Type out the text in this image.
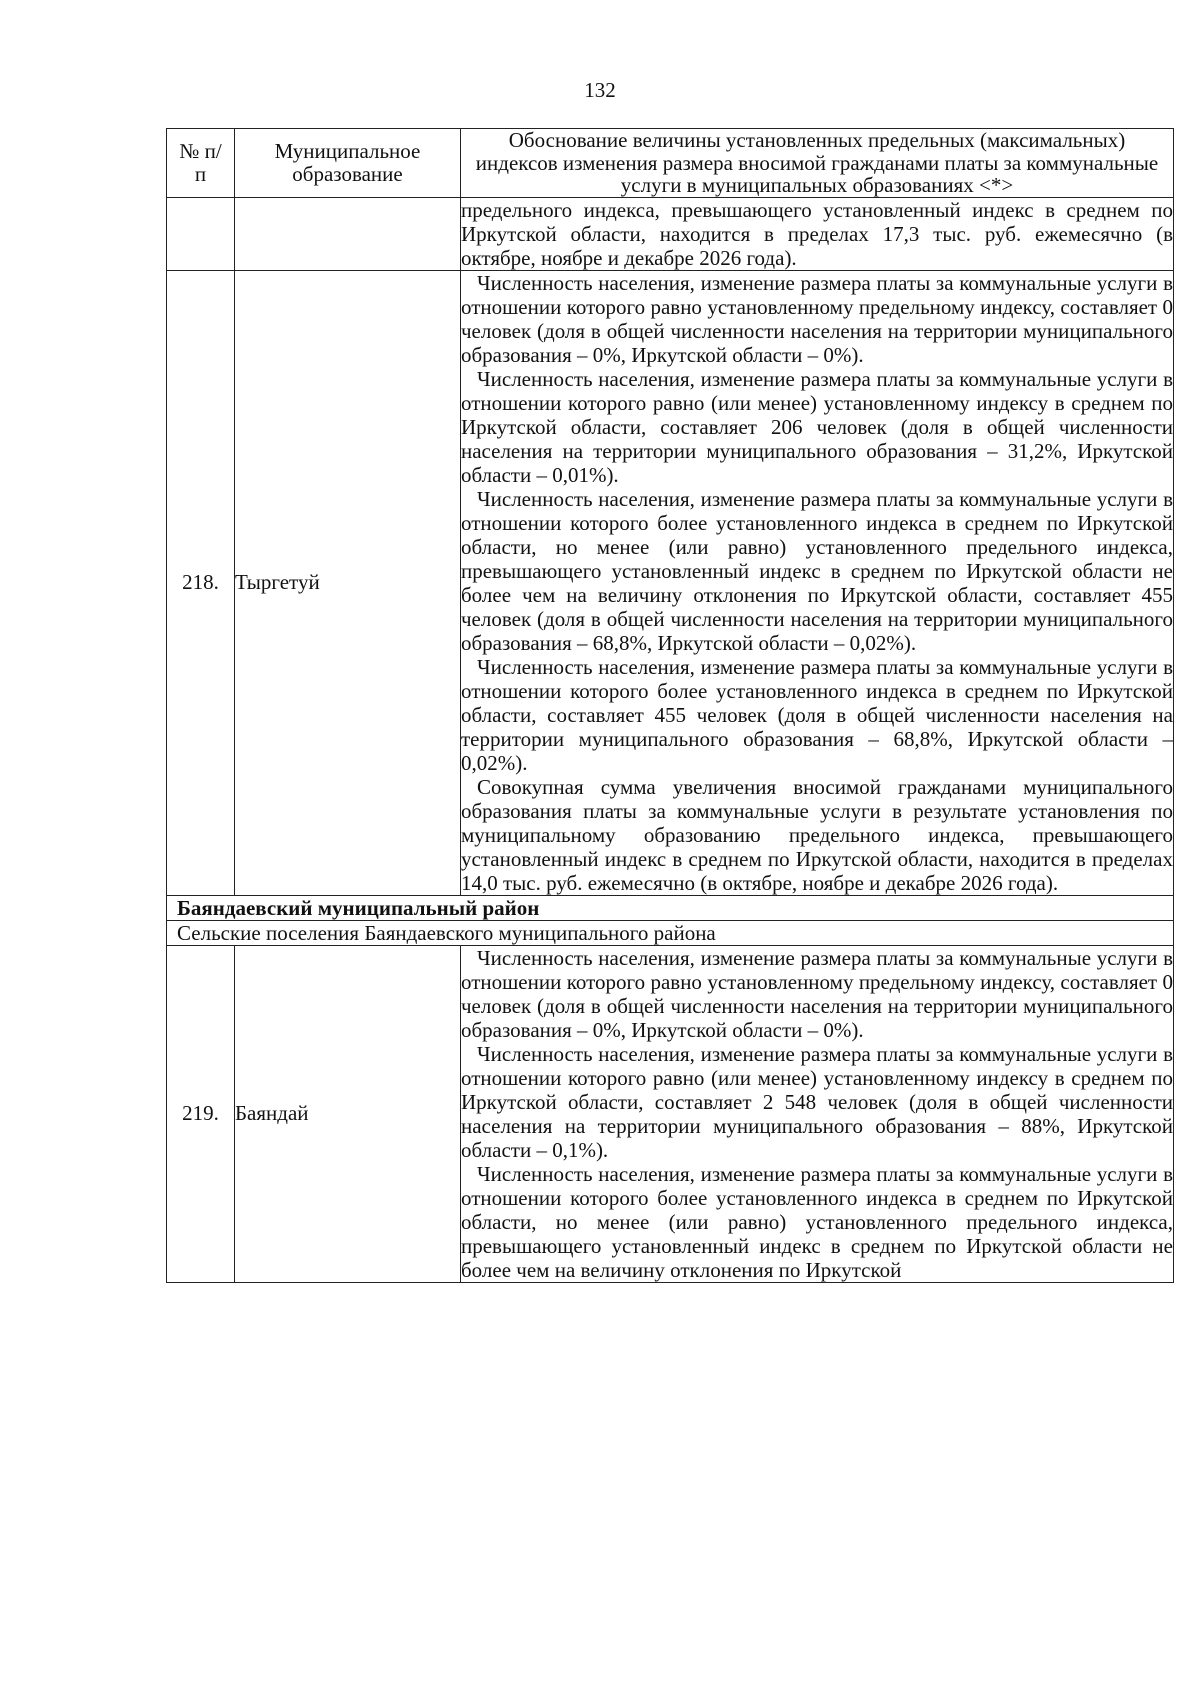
132
№ п/п	Муниципальное образование	Обоснование величины установленных предельных (максимальных) индексов изменения размера вносимой гражданами платы за коммунальные услуги в муниципальных образованиях <*>

		предельного индекса, превышающего установленный индекс в среднем по Иркутской области, находится в пределах 17,3 тыс. руб. ежемесячно (в октябре, ноябре и декабре 2026 года).

218.	Тыргетуй	Численность населения, изменение размера платы за коммунальные услуги в отношении которого равно установленному предельному индексу, составляет 0 человек (доля в общей численности населения на территории муниципального образования – 0%, Иркутской области – 0%).

Численность населения, изменение размера платы за коммунальные услуги в отношении которого равно (или менее) установленному индексу в среднем по Иркутской области, составляет 206 человек (доля в общей численности населения на территории муниципального образования – 31,2%, Иркутской области – 0,01%).

Численность населения, изменение размера платы за коммунальные услуги в отношении которого более установленного индекса в среднем по Иркутской области, но менее (или равно) установленного предельного индекса, превышающего установленный индекс в среднем по Иркутской области не более чем на величину отклонения по Иркутской области, составляет 455 человек (доля в общей численности населения на территории муниципального образования – 68,8%, Иркутской области – 0,02%).

Численность населения, изменение размера платы за коммунальные услуги в отношении которого более установленного индекса в среднем по Иркутской области, составляет 455 человек (доля в общей численности населения на территории муниципального образования – 68,8%, Иркутской области – 0,02%).

Совокупная сумма увеличения вносимой гражданами муниципального образования платы за коммунальные услуги в результате установления по муниципальному образованию предельного индекса, превышающего установленный индекс в среднем по Иркутской области, находится в пределах 14,0 тыс. руб. ежемесячно (в октябре, ноябре и декабре 2026 года).

Баяндаевский муниципальный район		
Сельские поселения Баяндаевского муниципального района		
219.	Баяндай	Численность населения, изменение размера платы за коммунальные услуги в отношении которого равно установленному предельному индексу, составляет 0 человек (доля в общей численности населения на территории муниципального образования – 0%, Иркутской области – 0%).

Численность населения, изменение размера платы за коммунальные услуги в отношении которого равно (или менее) установленному индексу в среднем по Иркутской области, составляет 2 548 человек (доля в общей численности населения на территории муниципального образования – 88%, Иркутской области – 0,1%).

Численность населения, изменение размера платы за коммунальные услуги в отношении которого более установленного индекса в среднем по Иркутской области, но менее (или равно) установленного предельного индекса, превышающего установленный индекс в среднем по Иркутской области не более чем на величину отклонения по Иркутской
